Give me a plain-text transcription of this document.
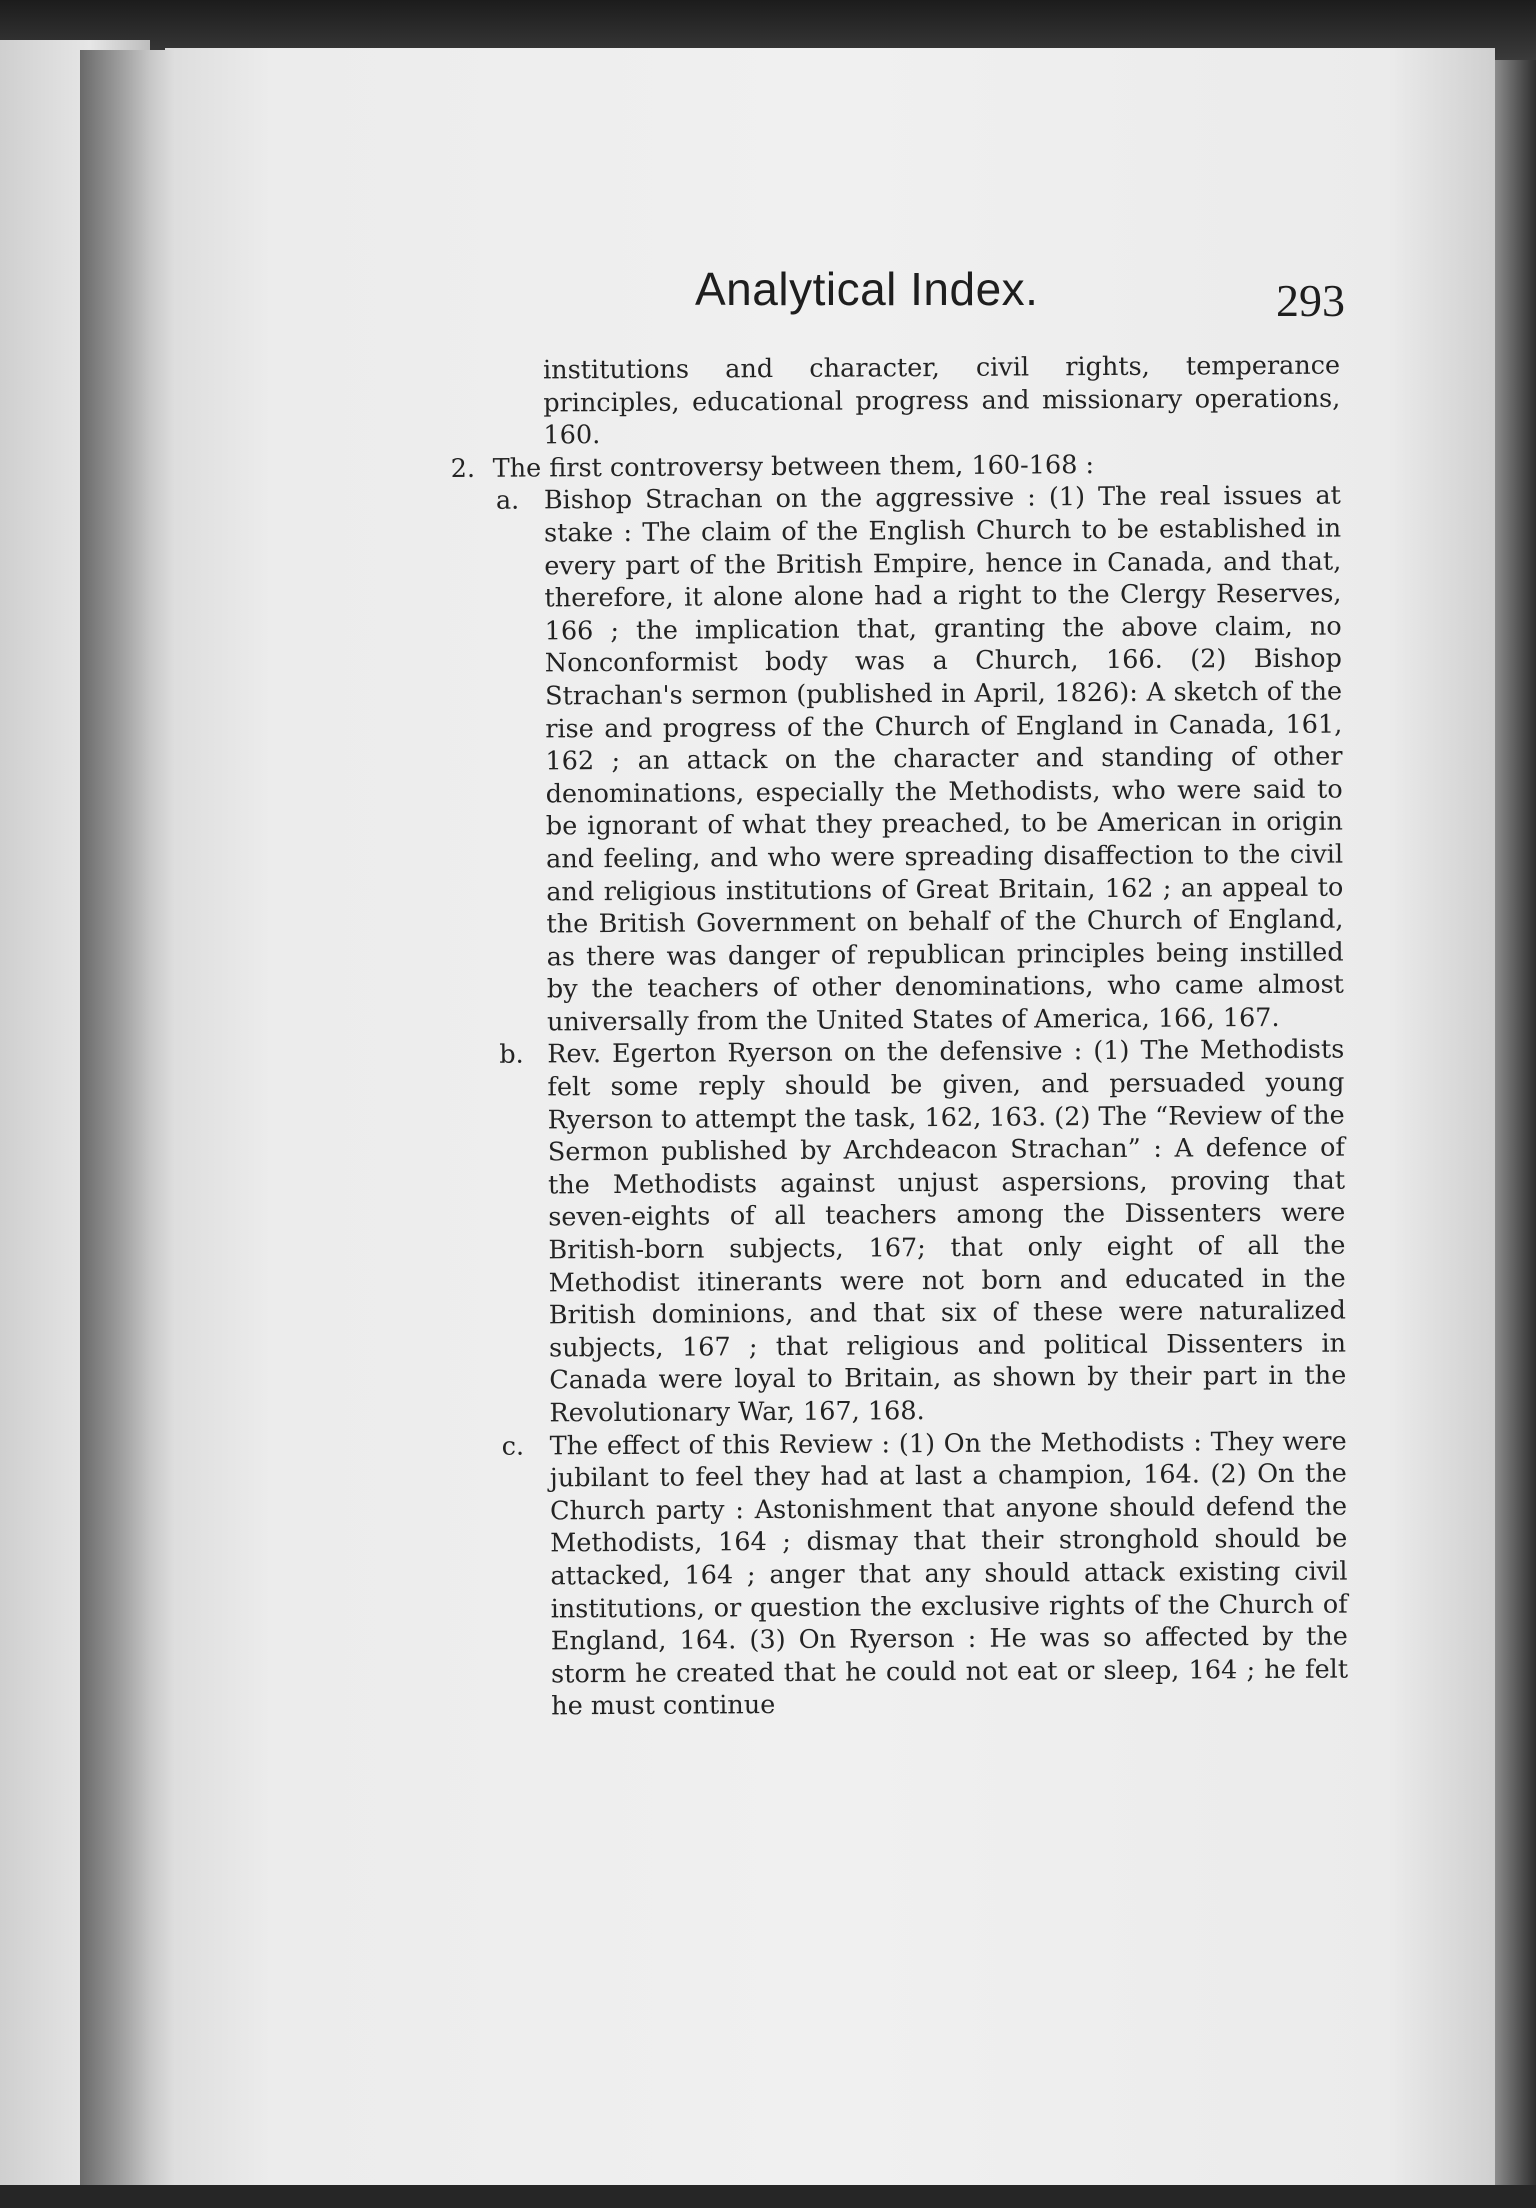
Analytical Index.	293

institutions and character, civil rights, temperance principles, educational progress and missionary operations, 160.

2. The first controversy between them, 160-168 :

a. Bishop Strachan on the aggressive : (1) The real issues at stake : The claim of the English Church to be established in every part of the British Empire, hence in Canada, and that, therefore, it alone alone had a right to the Clergy Reserves, 166 ; the implication that, granting the above claim, no Nonconformist body was a Church, 166. (2) Bishop Strachan's sermon (published in April, 1826): A sketch of the rise and progress of the Church of England in Canada, 161, 162 ; an attack on the character and standing of other denominations, especially the Methodists, who were said to be ignorant of what they preached, to be American in origin and feeling, and who were spreading disaffection to the civil and religious institutions of Great Britain, 162 ; an appeal to the British Government on behalf of the Church of England, as there was danger of republican principles being instilled by the teachers of other denominations, who came almost universally from the United States of America, 166, 167.

b. Rev. Egerton Ryerson on the defensive : (1) The Methodists felt some reply should be given, and persuaded young Ryerson to attempt the task, 162, 163. (2) The “Review of the Sermon published by Archdeacon Strachan” : A defence of the Methodists against unjust aspersions, proving that seven-eights of all teachers among the Dissenters were British-born subjects, 167; that only eight of all the Methodist itinerants were not born and educated in the British dominions, and that six of these were naturalized subjects, 167 ; that religious and political Dissenters in Canada were loyal to Britain, as shown by their part in the Revolutionary War, 167, 168.

c. The effect of this Review : (1) On the Methodists : They were jubilant to feel they had at last a champion, 164. (2) On the Church party : Astonishment that anyone should defend the Methodists, 164 ; dismay that their stronghold should be attacked, 164 ; anger that any should attack existing civil institutions, or question the exclusive rights of the Church of England, 164. (3) On Ryerson : He was so affected by the storm he created that he could not eat or sleep, 164 ; he felt he must continue
